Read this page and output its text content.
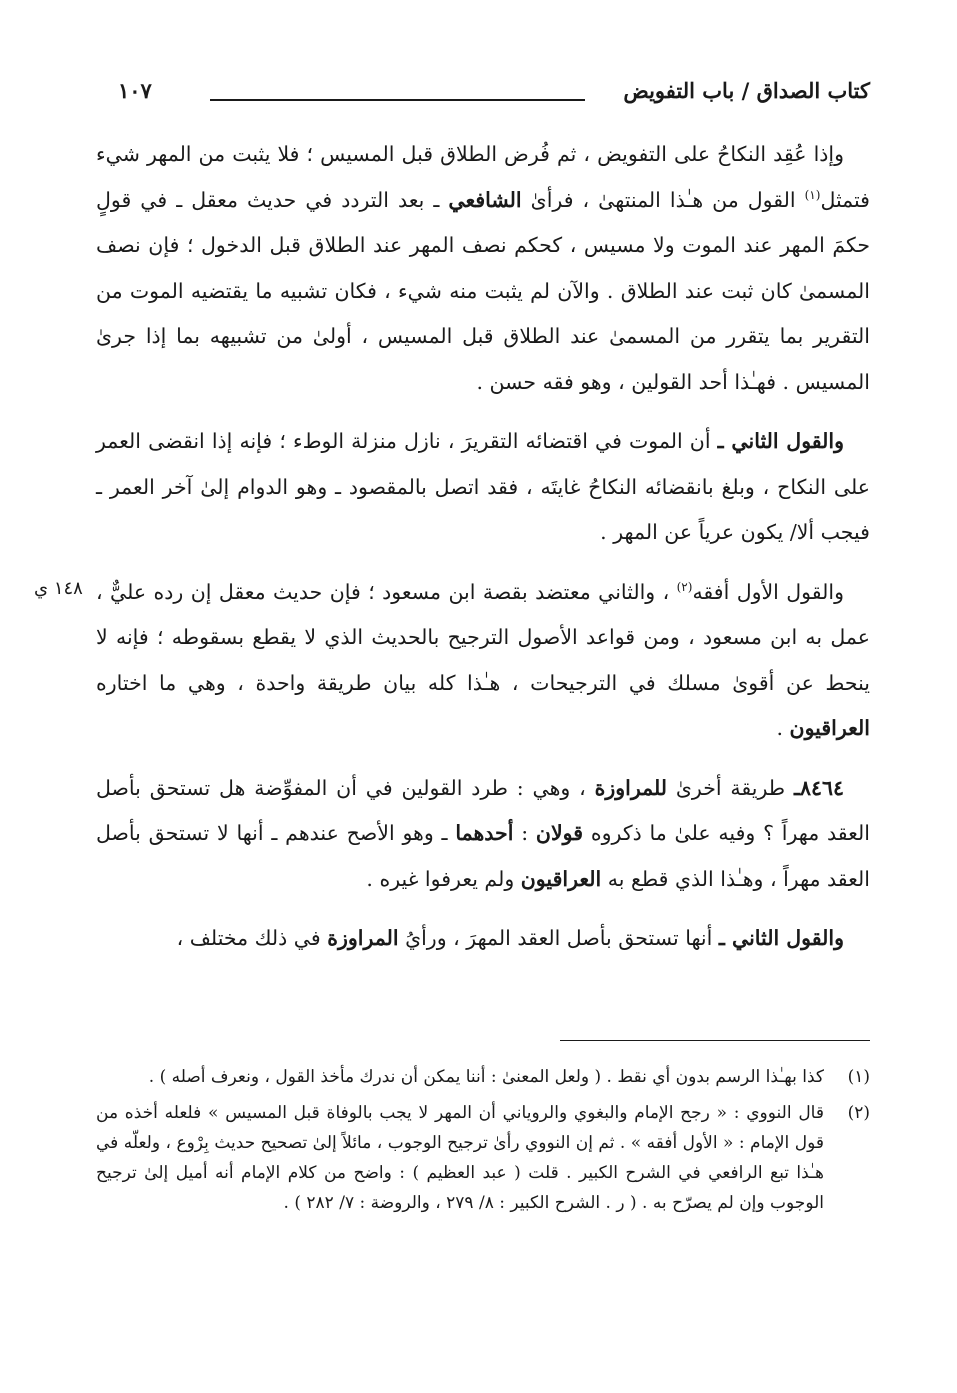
كتاب الصداق / باب التفويض
١٠٧
١٤٨ ي

وإذا عُقِد النكاحُ على التفويض ، ثم فُرض الطلاق قبل المسيس ؛ فلا يثبت من المهر شيء فتمثل$^{(١)}$ القول من هـٰذا المنتهىٰ ، فرأىٰ الشافعي ـ بعد التردد في حديث معقل ـ في قولٍ حكمَ المهر عند الموت ولا مسيس ، كحكم نصف المهر عند الطلاق قبل الدخول ؛ فإن نصف المسمىٰ كان ثبت عند الطلاق . والآن لم يثبت منه شيء ، فكان تشبيه ما يقتضيه الموت من التقرير بما يتقرر من المسمىٰ عند الطلاق قبل المسيس ، أولىٰ من تشبيهه بما إذا جرىٰ المسيس . فهـٰذا أحد القولين ، وهو فقه حسن .

والقول الثاني ـ أن الموت في اقتضائه التقريرَ ، نازل منزلة الوطء ؛ فإنه إذا انقضى العمر على النكاح ، وبلغ بانقضائه النكاحُ غايتَه ، فقد اتصل بالمقصود ـ وهو الدوام إلىٰ آخر العمر ـ فيجب ألا/ يكون عرياً عن المهر .

والقول الأول أفقه$^{(٢)}$ ، والثاني معتضد بقصة ابن مسعود ؛ فإن حديث معقل إن رده عليٌّ ، عمل به ابن مسعود ، ومن قواعد الأصول الترجيح بالحديث الذي لا يقطع بسقوطه ؛ فإنه لا ينحط عن أقوىٰ مسلك في الترجيحات ، هـٰذا كله بيان طريقة واحدة ، وهي ما اختاره العراقيون .

٨٤٦٤ـ طريقة أخرىٰ للمراوزة ، وهي : طرد القولين في أن المفوِّضة هل تستحق بأصل العقد مهراً ؟ وفيه علىٰ ما ذكروه قولان : أحدهما ـ وهو الأصح عندهم ـ أنها لا تستحق بأصل العقد مهراً ، وهـٰذا الذي قطع به العراقيون ولم يعرفوا غيره .

والقول الثاني ـ أنها تستحق بأصل العقد المهرَ ، ورأيُ المراوزة في ذلك مختلف ،

(١)
كذا بهـٰذا الرسم بدون أي نقط . ( ولعل المعنىٰ : أننا يمكن أن ندرك مأخذ القول ، ونعرف أصله ) .
(٢)
قال النووي : « رجح الإمام والبغوي والروياني أن المهر لا يجب بالوفاة قبل المسيس » فلعله أخذه من قول الإمام : « الأول أفقه » . ثم إن النووي رأىٰ ترجيح الوجوب ، مائلاً إلىٰ تصحيح حديث بِرْوع ، ولعلّه في هـٰذا تبع الرافعي في الشرح الكبير . قلت ( عبد العظيم ) : واضح من كلام الإمام أنه أميل إلىٰ ترجيح الوجوب وإن لم يصرّح به . ( ر . الشرح الكبير : ٨/ ٢٧٩ ، والروضة : ٧/ ٢٨٢ ) .
